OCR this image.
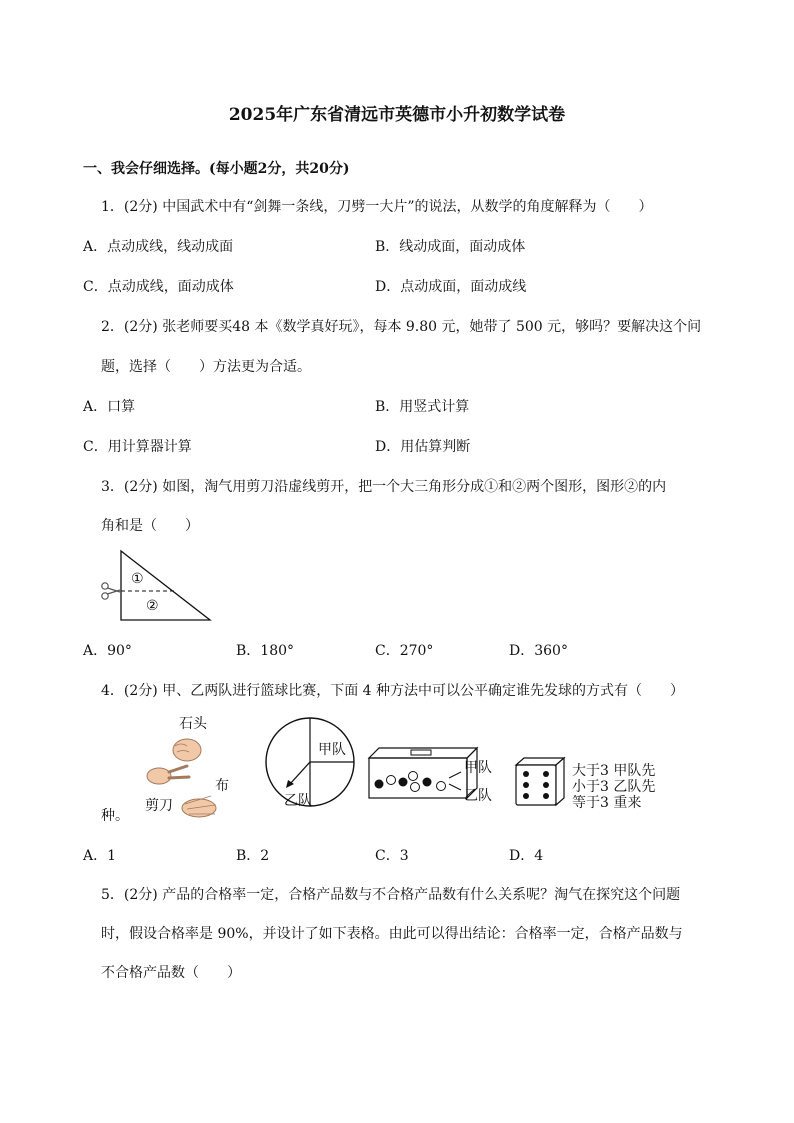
2025年广东省清远市英德市小升初数学试卷
一、我会仔细选择。(每小题2分，共20分)
1．(2分) 中国武术中有“剑舞一条线，刀劈一大片”的说法，从数学的角度解释为（　　）
A．点动成线，线动成面	B．线动成面，面动成体
C．点动成线，面动成体	D．点动成面，面动成线
2．(2分) 张老师要买48 本《数学真好玩》，每本 9.80 元，她带了 500 元，够吗？要解决这个问
题，选择（　　）方法更为合适。
A．口算	B．用竖式计算
C．用计算器计算	D．用估算判断
3．(2分) 如图，淘气用剪刀沿虚线剪开，把一个大三角形分成①和②两个图形，图形②的内
角和是（　　）
①
②
A．90°	B．180°	C．270°	D．360°
4．(2分) 甲、乙两队进行篮球比赛，下面 4 种方法中可以公平确定谁先发球的方式有（　　）
石头
剪刀
布
甲队
乙队
甲队
乙队
大于3 甲队先
小于3 乙队先
等于3 重来
种。
A．1	B．2	C．3	D．4
5．(2分) 产品的合格率一定，合格产品数与不合格产品数有什么关系呢？淘气在探究这个问题
时，假设合格率是 90%，并设计了如下表格。由此可以得出结论：合格率一定，合格产品数与
不合格产品数（　　）
